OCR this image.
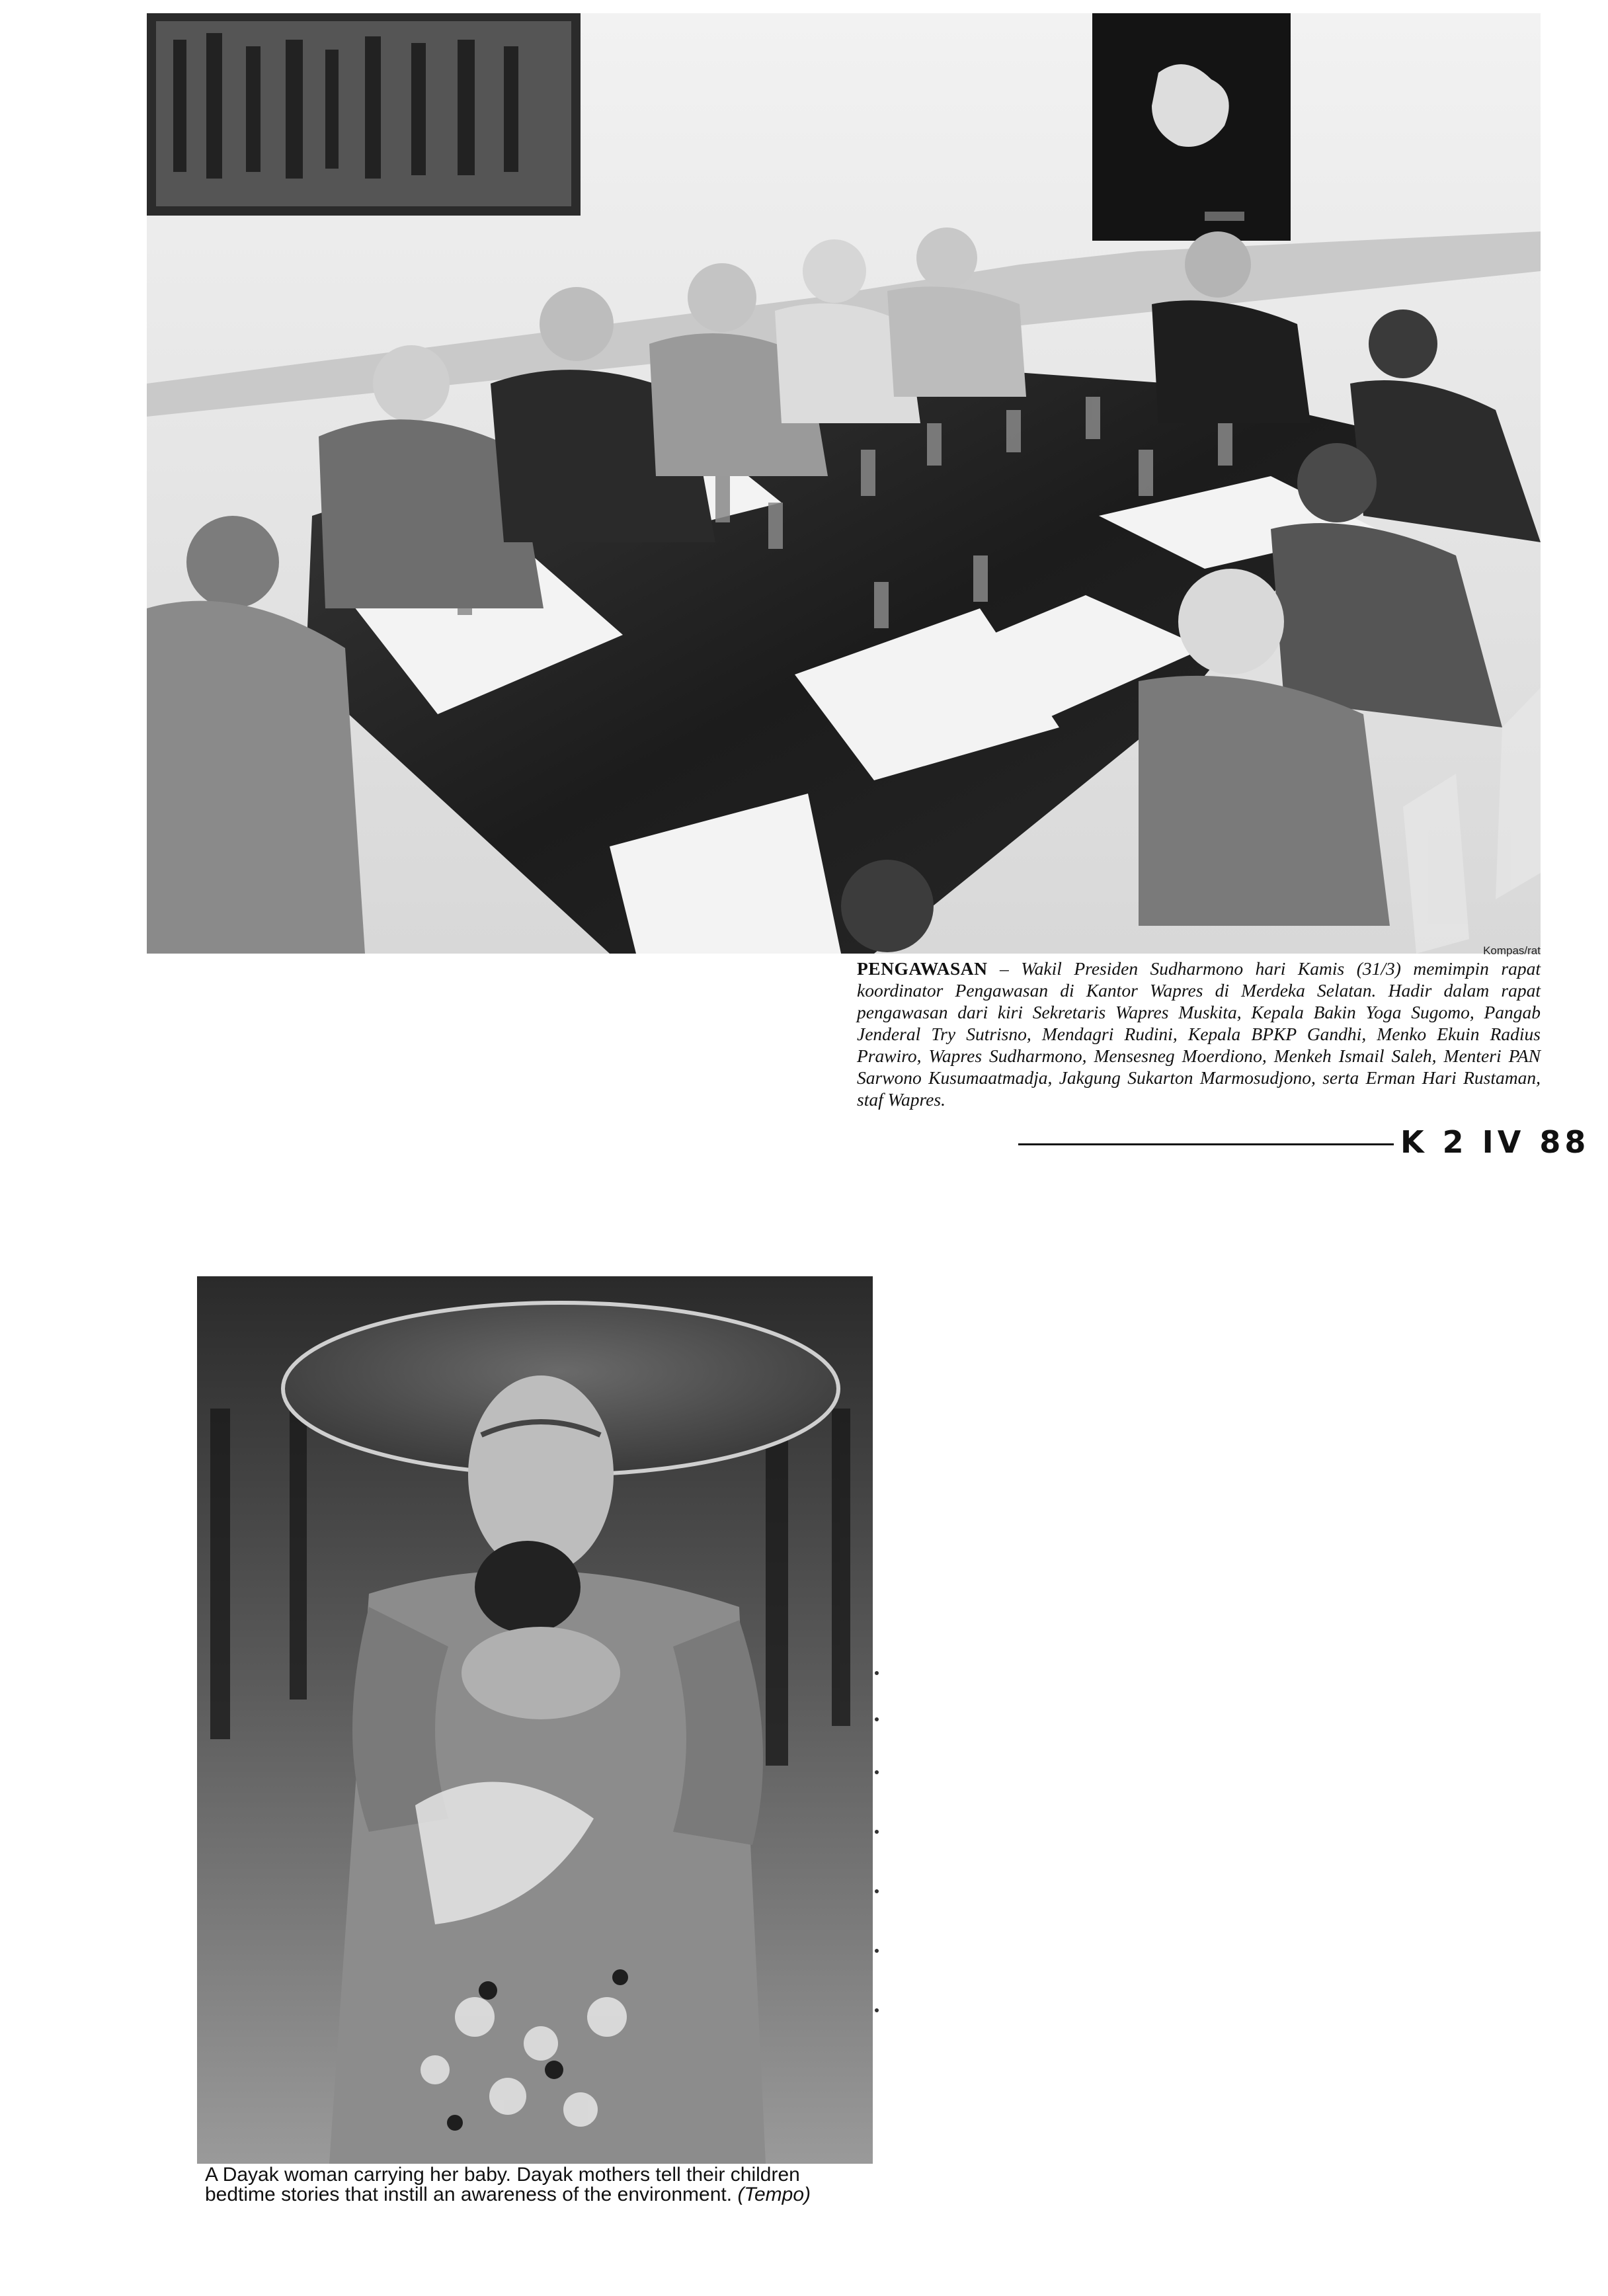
Kompas/rat
PENGAWASAN – Wakil Presiden Sudharmono hari Kamis (31/3) memimpin rapat koordinator Pengawasan di Kantor Wapres di Merdeka Selatan. Hadir dalam rapat pengawasan dari kiri Sekretaris Wapres Muskita, Kepala Bakin Yoga Sugomo, Pangab Jenderal Try Sutrisno, Mendagri Rudini, Kepala BPKP Gandhi, Menko Ekuin Radius Prawiro, Wapres Sudharmono, Mensesneg Moerdiono, Menkeh Ismail Saleh, Menteri PAN Sarwono Kusumaatmadja, Jakgung Sukarton Marmosudjono, serta Erman Hari Rustaman, staf Wapres.
K 2 IV 88
A Dayak woman carrying her baby. Dayak mothers tell their children bedtime stories that instill an awareness of the environment. (Tempo)
